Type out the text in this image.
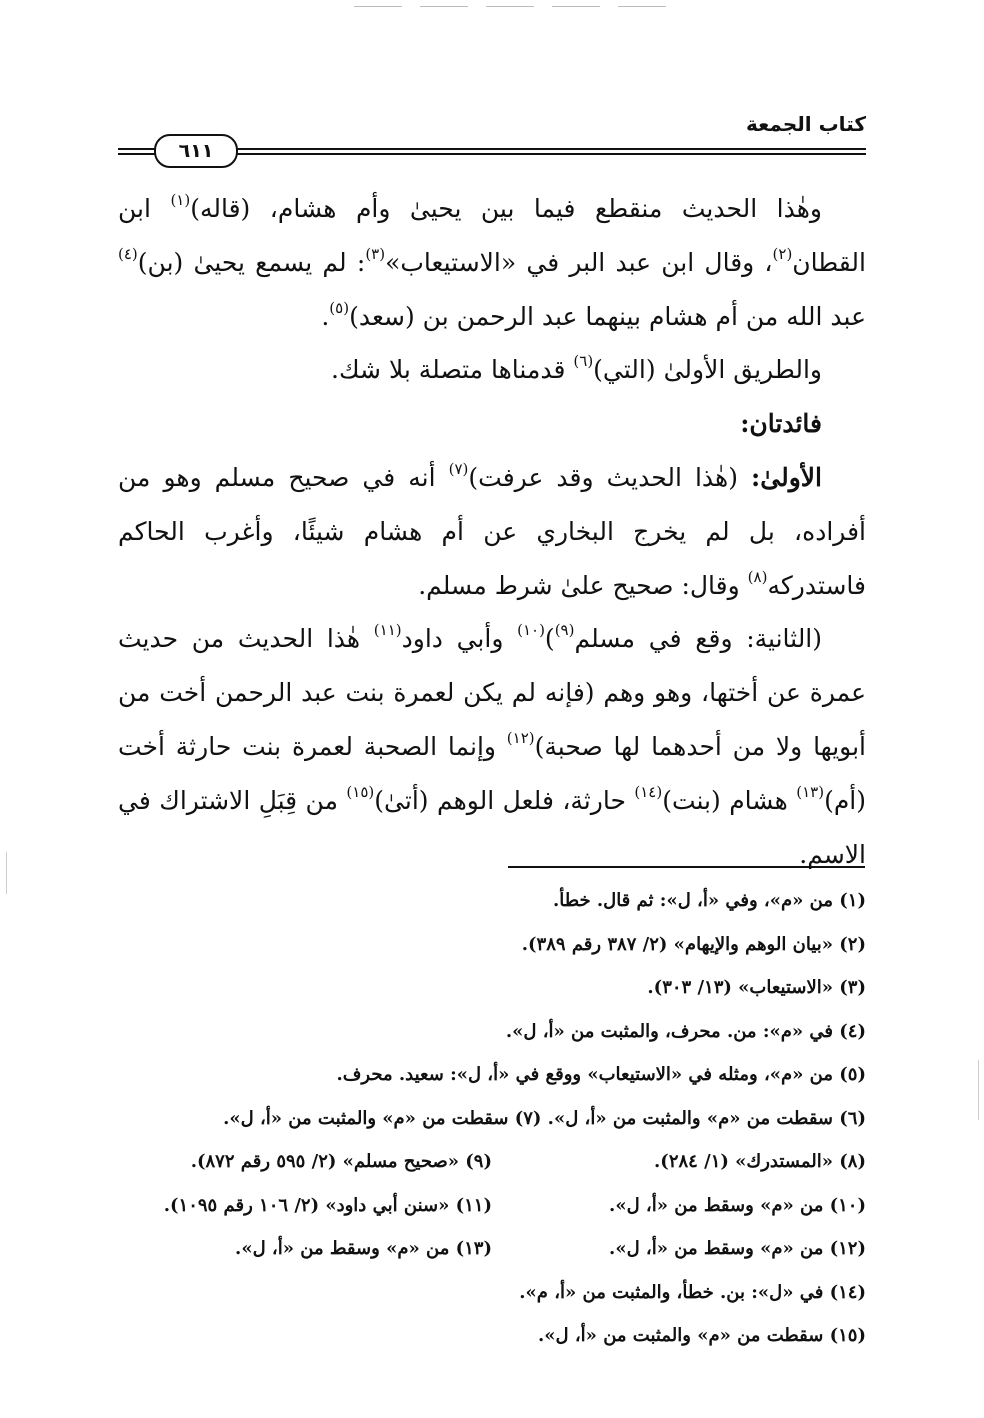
كتاب الجمعة
٦١١

وهٰذا الحديث منقطع فيما بين يحيىٰ وأم هشام، (قاله)$^{(١)}$ ابن القطان$^{(٢)}$، وقال ابن عبد البر في «الاستيعاب»$^{(٣)}$: لم يسمع يحيىٰ (بن)$^{(٤)}$ عبد الله من أم هشام بينهما عبد الرحمن بن (سعد)$^{(٥)}$.

والطريق الأولىٰ (التي)$^{(٦)}$ قدمناها متصلة بلا شك.

فائدتان:

الأولىٰ: (هٰذا الحديث وقد عرفت)$^{(٧)}$ أنه في صحيح مسلم وهو من أفراده، بل لم يخرج البخاري عن أم هشام شيئًا، وأغرب الحاكم فاستدركه$^{(٨)}$ وقال: صحيح علىٰ شرط مسلم.

(الثانية: وقع في مسلم$^{(٩)}$)$^{(١٠)}$ وأبي داود$^{(١١)}$ هٰذا الحديث من حديث عمرة عن أختها، وهو وهم (فإنه لم يكن لعمرة بنت عبد الرحمن أخت من أبويها ولا من أحدهما لها صحبة)$^{(١٢)}$ وإنما الصحبة لعمرة بنت حارثة أخت (أم)$^{(١٣)}$ هشام (بنت)$^{(١٤)}$ حارثة، فلعل الوهم (أتىٰ)$^{(١٥)}$ من قِبَلِ الاشتراك في الاسم.

(١) من «م»، وفي «أ، ل»: ثم قال. خطأ.
(٢) «بيان الوهم والإيهام» (٢/ ٣٨٧ رقم ٣٨٩).
(٣) «الاستيعاب» (١٣/ ٣٠٣).
(٤) في «م»: من. محرف، والمثبت من «أ، ل».
(٥) من «م»، ومثله في «الاستيعاب» ووقع في «أ، ل»: سعيد. محرف.
(٦) سقطت من «م» والمثبت من «أ، ل». (٧) سقطت من «م» والمثبت من «أ، ل».
(٨) «المستدرك» (١/ ٢٨٤).
(٩) «صحيح مسلم» (٢/ ٥٩٥ رقم ٨٧٢).
(١٠) من «م» وسقط من «أ، ل».
(١١) «سنن أبي داود» (٢/ ١٠٦ رقم ١٠٩٥).
(١٢) من «م» وسقط من «أ، ل».
(١٣) من «م» وسقط من «أ، ل».
(١٤) في «ل»: بن. خطأ، والمثبت من «أ، م».
(١٥) سقطت من «م» والمثبت من «أ، ل».
